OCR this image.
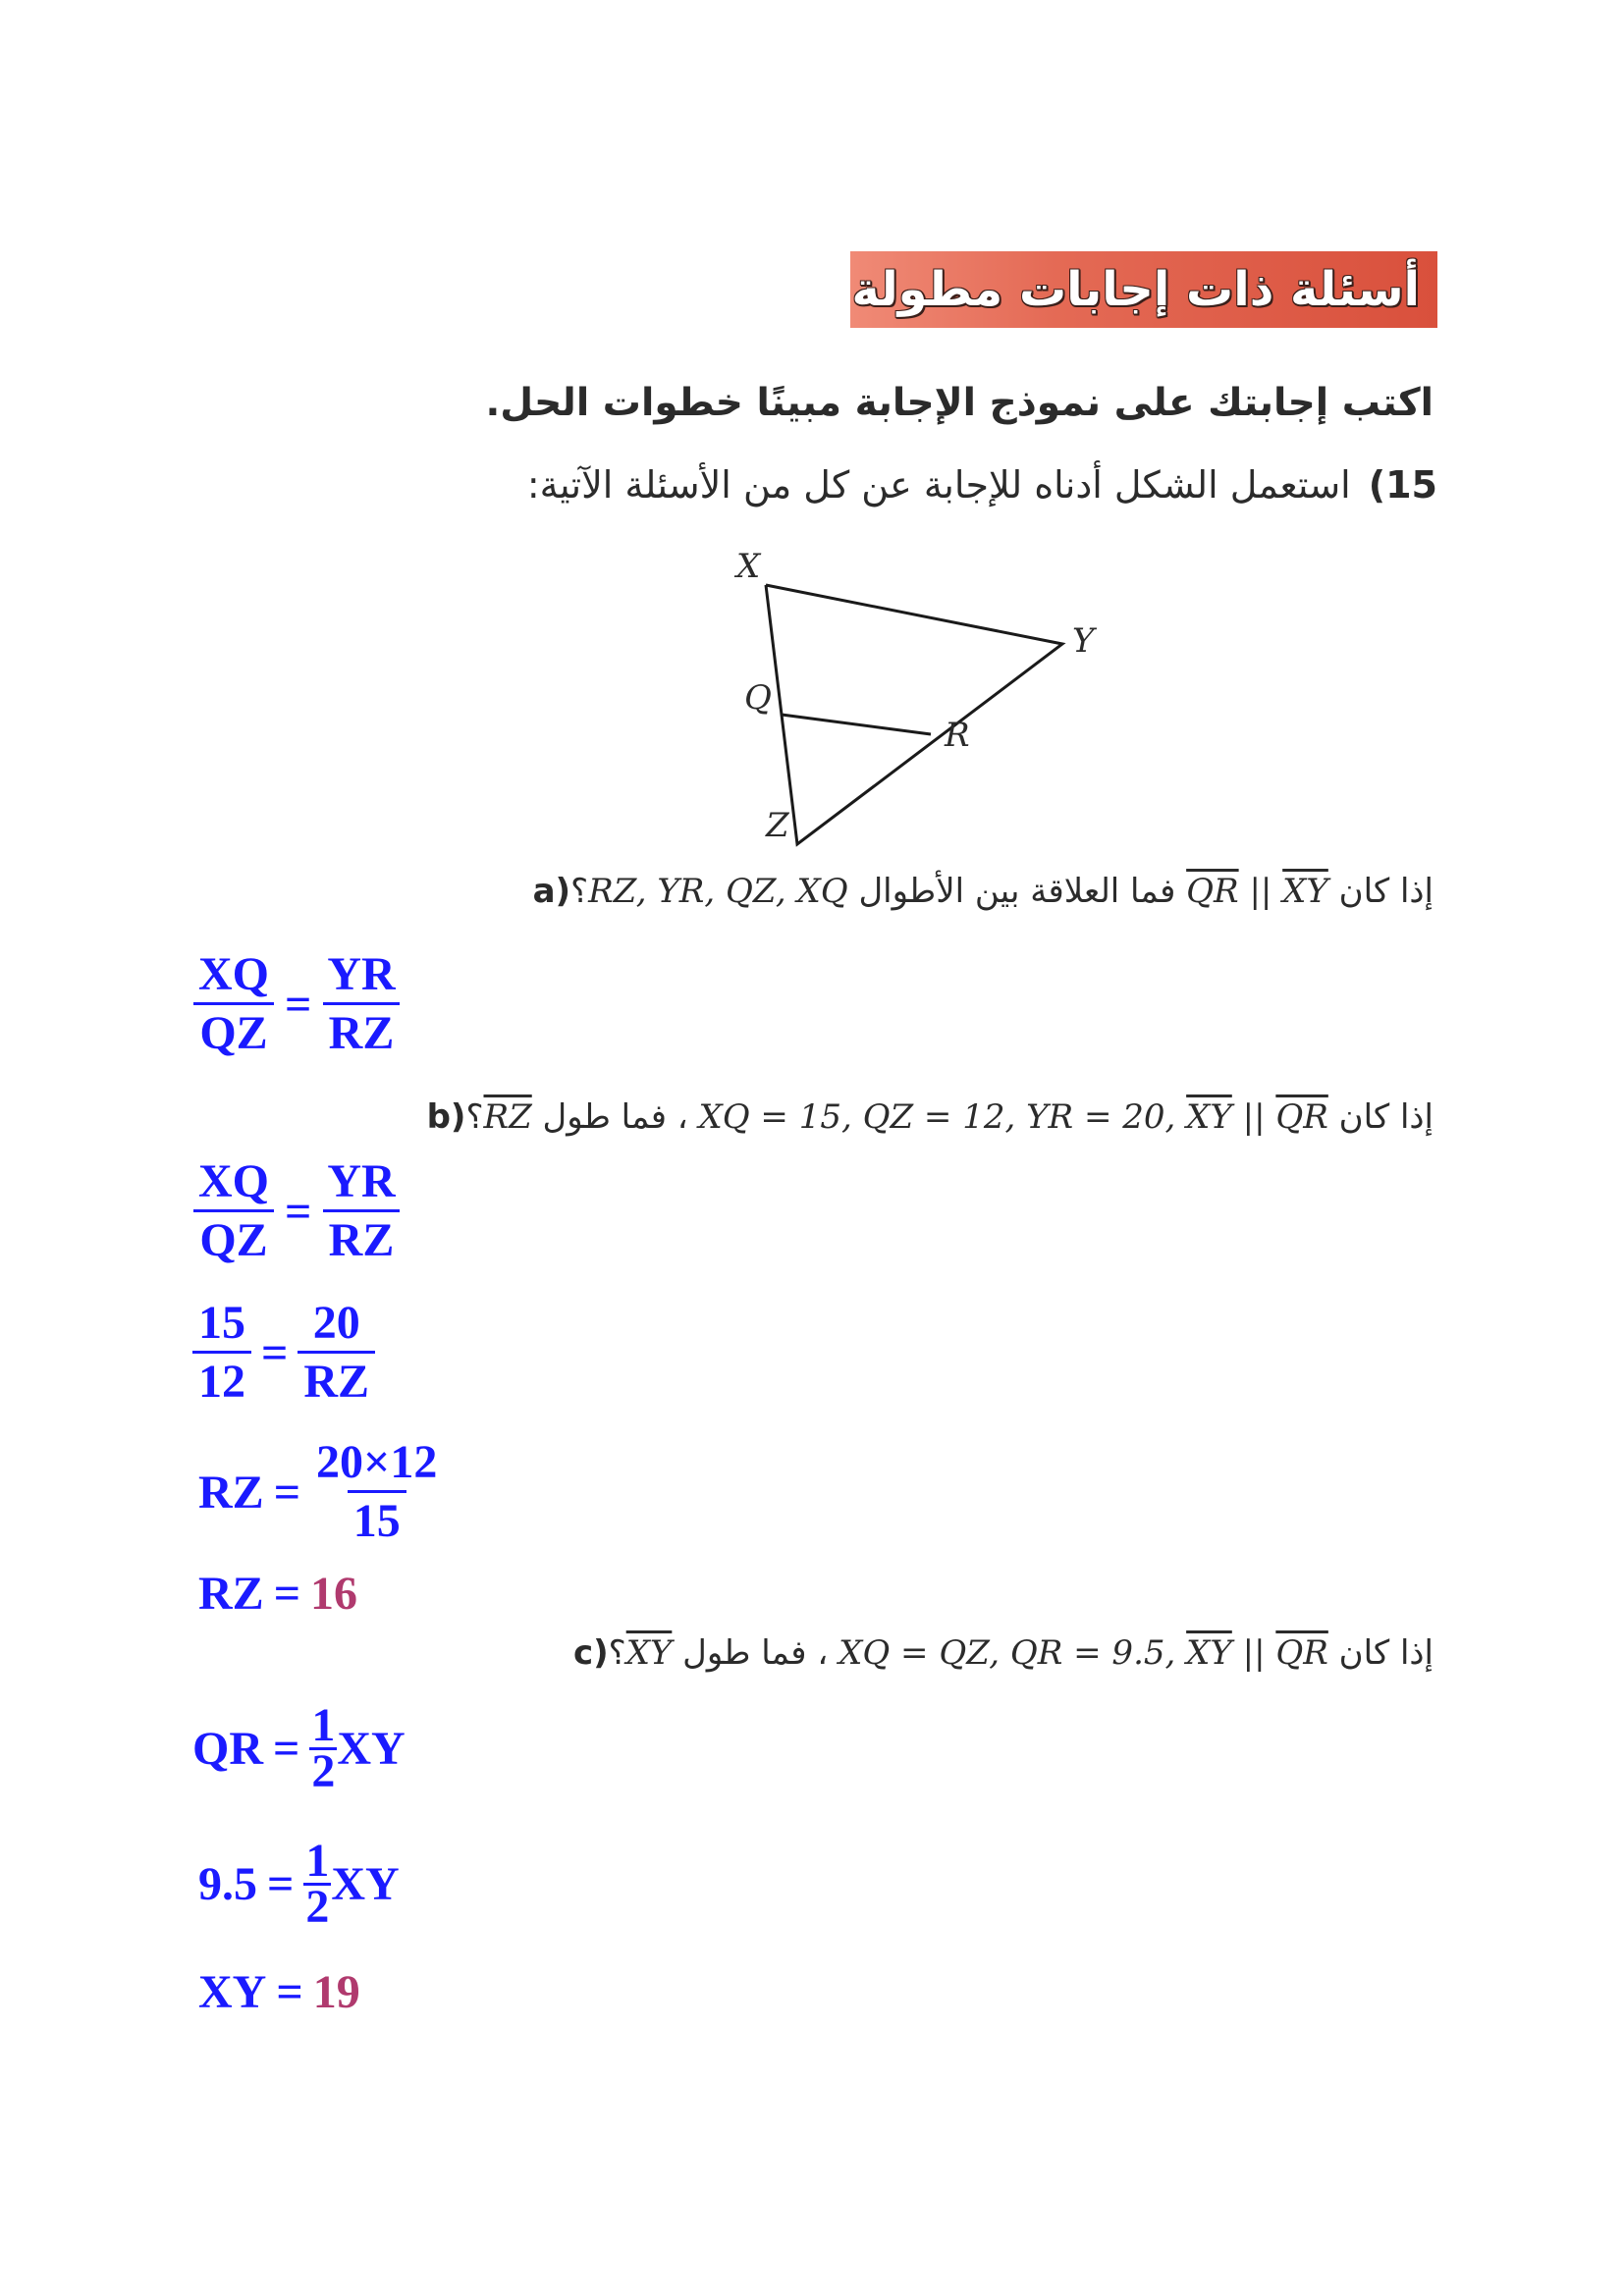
أسئلة ذات إجابات مطولة
اكتب إجابتك على نموذج الإجابة مبينًا خطوات الحل.
15)استعمل الشكل أدناه للإجابة عن كل من الأسئلة الآتية:
X
Y
Q
R
Z
a)	إذا كان $\overline{QR}$ || $\overline{XY}$ فما العلاقة بين الأطوال RZ, YR, QZ, XQ؟
$\frac{XQ}{QZ} = \frac{YR}{RZ}$
b)	إذا كان XQ = 15, QZ = 12, YR = 20, $\overline{XY}$ || $\overline{QR}$ ، فما طول $\overline{RZ}؟$
$\frac{XQ}{QZ} = \frac{YR}{RZ}$
$\frac{15}{12} = \frac{20}{RZ}$
RZ = $\frac{20\times 12}{15}$
RZ = 16
c)	إذا كان XQ = QZ, QR = 9.5, $\overline{XY}$ || $\overline{QR}$ ، فما طول $\overline{XY}؟$
QR = $\frac{1}{2}$ XY
$9.5 = \frac{1}{2}$ XY
XY = 19
